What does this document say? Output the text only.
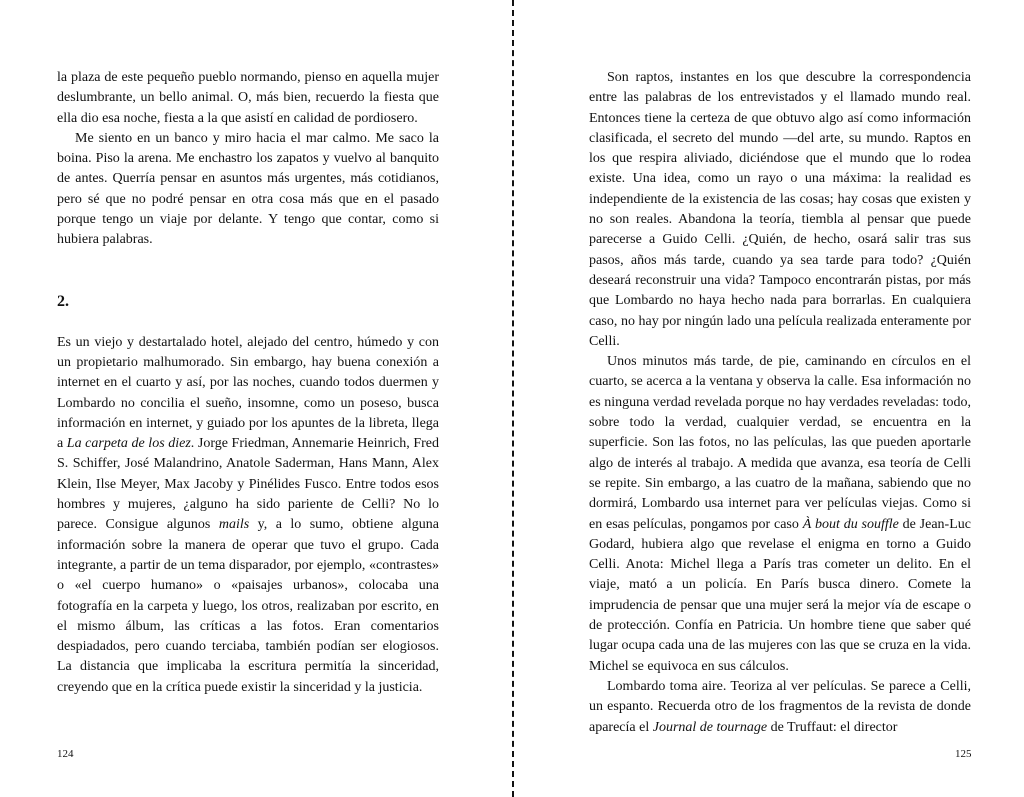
la plaza de este pequeño pueblo normando, pienso en aquella mujer deslumbrante, un bello animal. O, más bien, recuerdo la fiesta que ella dio esa noche, fiesta a la que asistí en calidad de pordiosero.

Me siento en un banco y miro hacia el mar calmo. Me saco la boina. Piso la arena. Me enchastro los zapatos y vuelvo al banquito de antes. Querría pensar en asuntos más urgentes, más cotidianos, pero sé que no podré pensar en otra cosa más que en el pasado porque tengo un viaje por delante. Y tengo que contar, como si hubiera palabras.

2.

Es un viejo y destartalado hotel, alejado del centro, húmedo y con un propietario malhumorado. Sin embargo, hay buena conexión a internet en el cuarto y así, por las noches, cuando todos duermen y Lombardo no concilia el sueño, insomne, como un poseso, busca información en internet, y guiado por los apuntes de la libreta, llega a La carpeta de los diez. Jorge Friedman, Annemarie Heinrich, Fred S. Schiffer, José Malandrino, Anatole Saderman, Hans Mann, Alex Klein, Ilse Meyer, Max Jacoby y Pinélides Fusco. Entre todos esos hombres y mujeres, ¿alguno ha sido pariente de Celli? No lo parece. Consigue algunos mails y, a lo sumo, obtiene alguna información sobre la manera de operar que tuvo el grupo. Cada integrante, a partir de un tema disparador, por ejemplo, «contrastes» o «el cuerpo humano» o «paisajes urbanos», colocaba una fotografía en la carpeta y luego, los otros, realizaban por escrito, en el mismo álbum, las críticas a las fotos. Eran comentarios despiadados, pero cuando terciaba, también podían ser elogiosos. La distancia que implicaba la escritura permitía la sinceridad, creyendo que en la crítica puede existir la sinceridad y la justicia.

124

Son raptos, instantes en los que descubre la correspondencia entre las palabras de los entrevistados y el llamado mundo real. Entonces tiene la certeza de que obtuvo algo así como información clasificada, el secreto del mundo —del arte, su mundo. Raptos en los que respira aliviado, diciéndose que el mundo que lo rodea existe. Una idea, como un rayo o una máxima: la realidad es independiente de la existencia de las cosas; hay cosas que existen y no son reales. Abandona la teoría, tiembla al pensar que puede parecerse a Guido Celli. ¿Quién, de hecho, osará salir tras sus pasos, años más tarde, cuando ya sea tarde para todo? ¿Quién deseará reconstruir una vida? Tampoco encontrarán pistas, por más que Lombardo no haya hecho nada para borrarlas. En cualquiera caso, no hay por ningún lado una película realizada enteramente por Celli.

Unos minutos más tarde, de pie, caminando en círculos en el cuarto, se acerca a la ventana y observa la calle. Esa información no es ninguna verdad revelada porque no hay verdades reveladas: todo, sobre todo la verdad, cualquier verdad, se encuentra en la superficie. Son las fotos, no las películas, las que pueden aportarle algo de interés al trabajo. A medida que avanza, esa teoría de Celli se repite. Sin embargo, a las cuatro de la mañana, sabiendo que no dormirá, Lombardo usa internet para ver películas viejas. Como si en esas películas, pongamos por caso À bout du souffle de Jean-Luc Godard, hubiera algo que revelase el enigma en torno a Guido Celli. Anota: Michel llega a París tras cometer un delito. En el viaje, mató a un policía. En París busca dinero. Comete la imprudencia de pensar que una mujer será la mejor vía de escape o de protección. Confía en Patricia. Un hombre tiene que saber qué lugar ocupa cada una de las mujeres con las que se cruza en la vida. Michel se equivoca en sus cálculos.

Lombardo toma aire. Teoriza al ver películas. Se parece a Celli, un espanto. Recuerda otro de los fragmentos de la revista de donde aparecía el Journal de tournage de Truffaut: el director

125
